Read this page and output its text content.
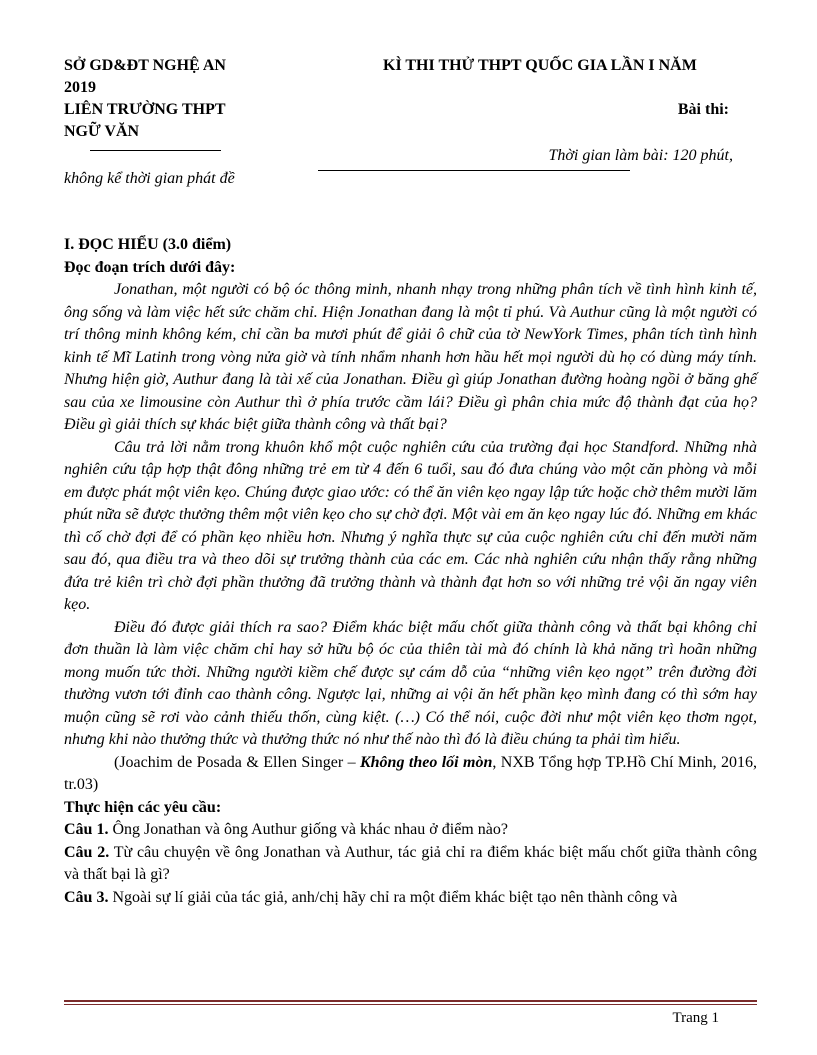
SỞ GD&ĐT NGHỆ AN	KÌ THI THỬ THPT QUỐC GIA LẦN I NĂM
2019
LIÊN TRƯỜNG THPT	Bài thi:
NGỮ VĂN
Thời gian làm bài: 120 phút,
không kể thời gian phát đề

I. ĐỌC HIỂU (3.0 điểm)

Đọc đoạn trích dưới đây:

Jonathan, một người có bộ óc thông minh, nhanh nhạy trong những phân tích về tình hình kinh tế, ông sống và làm việc hết sức chăm chỉ. Hiện Jonathan đang là một tỉ phú. Và Authur cũng là một người có trí thông minh không kém, chỉ cần ba mươi phút để giải ô chữ của tờ NewYork Times, phân tích tình hình kinh tế Mĩ Latinh trong vòng nửa giờ và tính nhẩm nhanh hơn hầu hết mọi người dù họ có dùng máy tính. Nhưng hiện giờ, Authur đang là tài xế của Jonathan. Điều gì giúp Jonathan đường hoàng ngồi ở băng ghế sau của xe limousine còn Authur thì ở phía trước cầm lái? Điều gì phân chia mức độ thành đạt của họ? Điều gì giải thích sự khác biệt giữa thành công và thất bại?

Câu trả lời nằm trong khuôn khổ một cuộc nghiên cứu của trường đại học Standford. Những nhà nghiên cứu tập hợp thật đông những trẻ em từ 4 đến 6 tuổi, sau đó đưa chúng vào một căn phòng và mỗi em được phát một viên kẹo. Chúng được giao ước: có thể ăn viên kẹo ngay lập tức hoặc chờ thêm mười lăm phút nữa sẽ được thưởng thêm một viên kẹo cho sự chờ đợi. Một vài em ăn kẹo ngay lúc đó. Những em khác thì cố chờ đợi để có phần kẹo nhiều hơn. Nhưng ý nghĩa thực sự của cuộc nghiên cứu chỉ đến mười năm sau đó, qua điều tra và theo dõi sự trưởng thành của các em. Các nhà nghiên cứu nhận thấy rằng những đứa trẻ kiên trì chờ đợi phần thưởng đã trưởng thành và thành đạt hơn so với những trẻ vội ăn ngay viên kẹo.

Điều đó được giải thích ra sao? Điểm khác biệt mấu chốt giữa thành công và thất bại không chỉ đơn thuần là làm việc chăm chỉ hay sở hữu bộ óc của thiên tài mà đó chính là khả năng trì hoãn những mong muốn tức thời. Những người kiềm chế được sự cám dỗ của “những viên kẹo ngọt” trên đường đời thường vươn tới đỉnh cao thành công. Ngược lại, những ai vội ăn hết phần kẹo mình đang có thì sớm hay muộn cũng sẽ rơi vào cảnh thiếu thốn, cùng kiệt. (…) Có thể nói, cuộc đời như một viên kẹo thơm ngọt, nhưng khi nào thưởng thức và thưởng thức nó như thế nào thì đó là điều chúng ta phải tìm hiểu.

(Joachim de Posada & Ellen Singer – Không theo lối mòn, NXB Tổng hợp TP.Hồ Chí Minh, 2016, tr.03)

Thực hiện các yêu cầu:

Câu 1. Ông Jonathan và ông Authur giống và khác nhau ở điểm nào?

Câu 2. Từ câu chuyện về ông Jonathan và Authur, tác giả chỉ ra điểm khác biệt mấu chốt giữa thành công và thất bại là gì?

Câu 3. Ngoài sự lí giải của tác giả, anh/chị hãy chỉ ra một điểm khác biệt tạo nên thành công và

Trang 1
